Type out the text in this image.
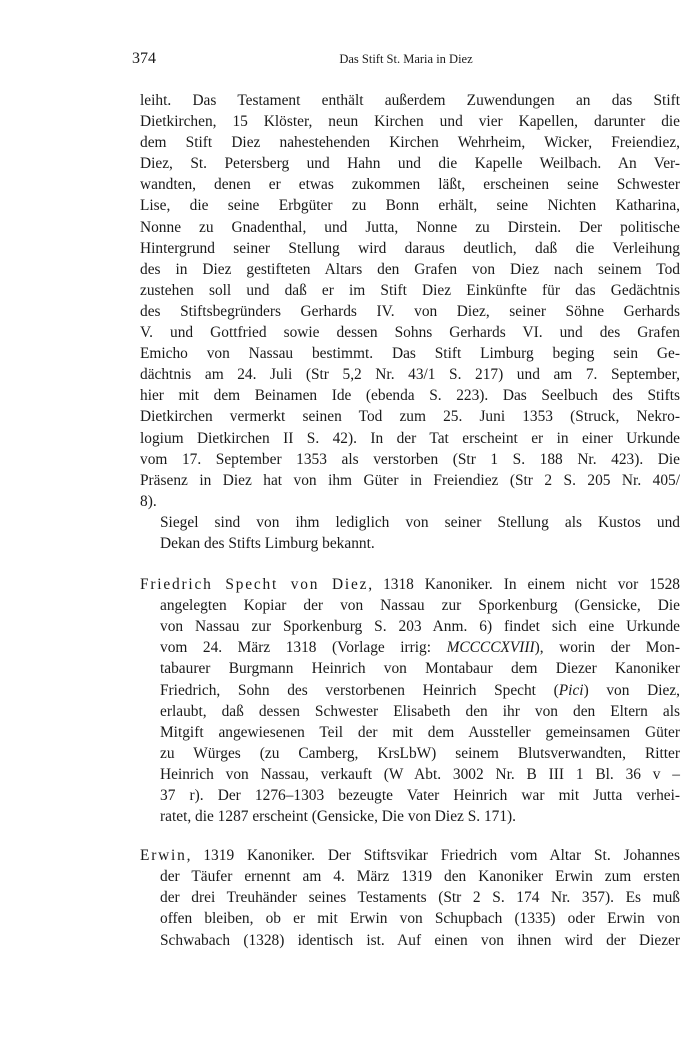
374	Das Stift St. Maria in Diez
leiht. Das Testament enthält außerdem Zuwendungen an das Stift
Dietkirchen, 15 Klöster, neun Kirchen und vier Kapellen, darunter die
dem Stift Diez nahestehenden Kirchen Wehrheim, Wicker, Freiendiez,
Diez, St. Petersberg und Hahn und die Kapelle Weilbach. An Ver-
wandten, denen er etwas zukommen läßt, erscheinen seine Schwester
Lise, die seine Erbgüter zu Bonn erhält, seine Nichten Katharina,
Nonne zu Gnadenthal, und Jutta, Nonne zu Dirstein. Der politische
Hintergrund seiner Stellung wird daraus deutlich, daß die Verleihung
des in Diez gestifteten Altars den Grafen von Diez nach seinem Tod
zustehen soll und daß er im Stift Diez Einkünfte für das Gedächtnis
des Stiftsbegründers Gerhards IV. von Diez, seiner Söhne Gerhards
V. und Gottfried sowie dessen Sohns Gerhards VI. und des Grafen
Emicho von Nassau bestimmt. Das Stift Limburg beging sein Ge-
dächtnis am 24. Juli (Str 5,2 Nr. 43/1 S. 217) und am 7. September,
hier mit dem Beinamen Ide (ebenda S. 223). Das Seelbuch des Stifts
Dietkirchen vermerkt seinen Tod zum 25. Juni 1353 (Struck, Nekro-
logium Dietkirchen II S. 42). In der Tat erscheint er in einer Urkunde
vom 17. September 1353 als verstorben (Str 1 S. 188 Nr. 423). Die
Präsenz in Diez hat von ihm Güter in Freiendiez (Str 2 S. 205 Nr. 405/
8).
Siegel sind von ihm lediglich von seiner Stellung als Kustos und
Dekan des Stifts Limburg bekannt.
Friedrich Specht von Diez, 1318 Kanoniker. In einem nicht vor 1528
angelegten Kopiar der von Nassau zur Sporkenburg (Gensicke, Die
von Nassau zur Sporkenburg S. 203 Anm. 6) findet sich eine Urkunde
vom 24. März 1318 (Vorlage irrig: MCCCCXVIII), worin der Mon-
tabaurer Burgmann Heinrich von Montabaur dem Diezer Kanoniker
Friedrich, Sohn des verstorbenen Heinrich Specht (Pici) von Diez,
erlaubt, daß dessen Schwester Elisabeth den ihr von den Eltern als
Mitgift angewiesenen Teil der mit dem Aussteller gemeinsamen Güter
zu Würges (zu Camberg, KrsLbW) seinem Blutsverwandten, Ritter
Heinrich von Nassau, verkauft (W Abt. 3002 Nr. B III 1 Bl. 36 v –
37 r). Der 1276–1303 bezeugte Vater Heinrich war mit Jutta verhei-
ratet, die 1287 erscheint (Gensicke, Die von Diez S. 171).
Erwin, 1319 Kanoniker. Der Stiftsvikar Friedrich vom Altar St. Johannes
der Täufer ernennt am 4. März 1319 den Kanoniker Erwin zum ersten
der drei Treuhänder seines Testaments (Str 2 S. 174 Nr. 357). Es muß
offen bleiben, ob er mit Erwin von Schupbach (1335) oder Erwin von
Schwabach (1328) identisch ist. Auf einen von ihnen wird der Diezer
